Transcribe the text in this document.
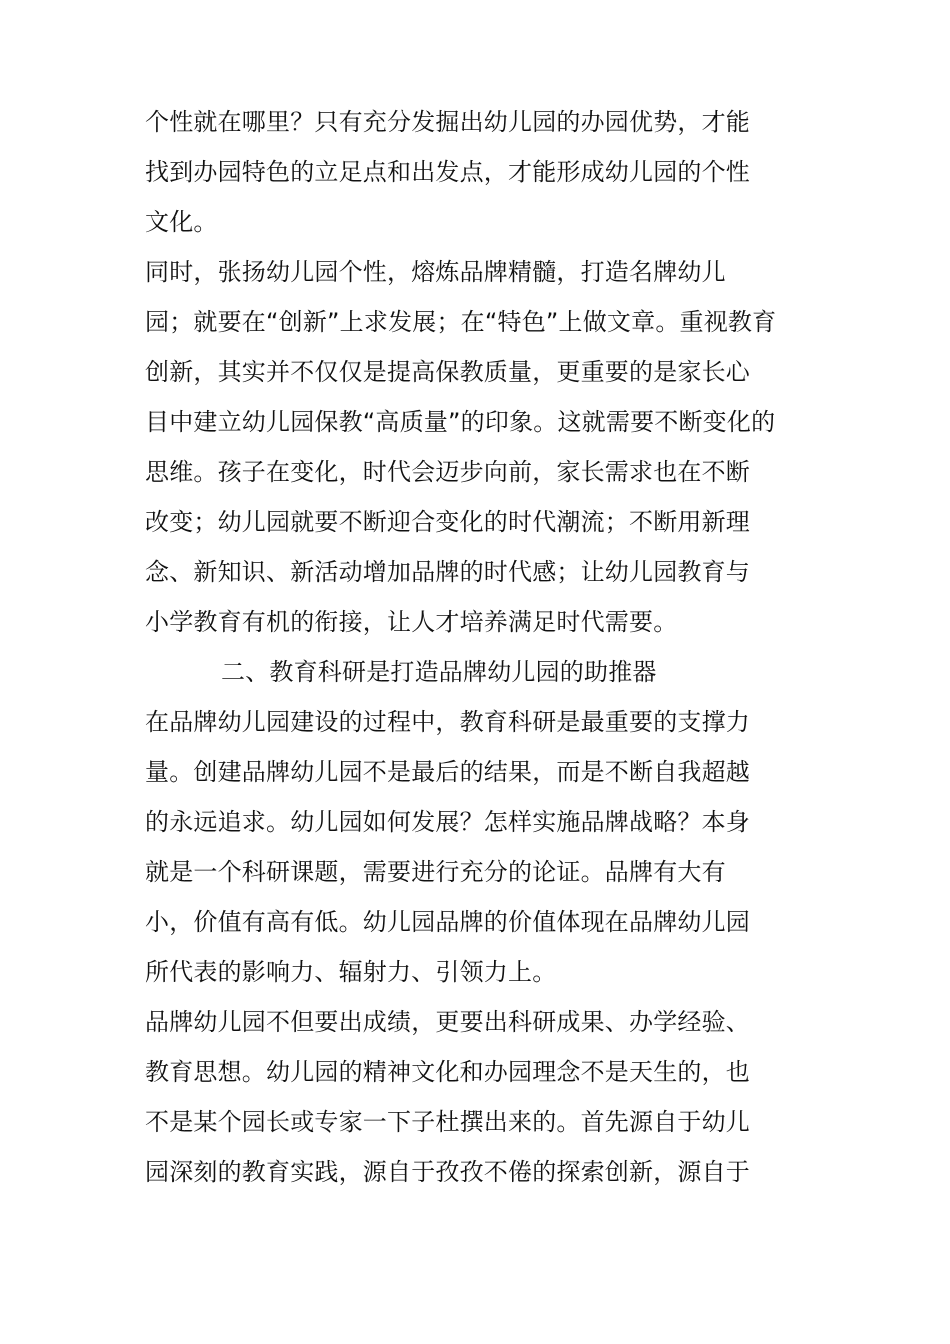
个性就在哪里？只有充分发掘出幼儿园的办园优势，才能
找到办园特色的立足点和出发点，才能形成幼儿园的个性
文化。
同时，张扬幼儿园个性，熔炼品牌精髓，打造名牌幼儿
园；就要在“创新”上求发展；在“特色”上做文章。重视教育
创新，其实并不仅仅是提高保教质量，更重要的是家长心
目中建立幼儿园保教“高质量”的印象。这就需要不断变化的
思维。孩子在变化，时代会迈步向前，家长需求也在不断
改变；幼儿园就要不断迎合变化的时代潮流；不断用新理
念、新知识、新活动增加品牌的时代感；让幼儿园教育与
小学教育有机的衔接，让人才培养满足时代需要。
二、教育科研是打造品牌幼儿园的助推器
在品牌幼儿园建设的过程中，教育科研是最重要的支撑力
量。创建品牌幼儿园不是最后的结果，而是不断自我超越
的永远追求。幼儿园如何发展？怎样实施品牌战略？本身
就是一个科研课题，需要进行充分的论证。品牌有大有
小，价值有高有低。幼儿园品牌的价值体现在品牌幼儿园
所代表的影响力、辐射力、引领力上。
品牌幼儿园不但要出成绩，更要出科研成果、办学经验、
教育思想。幼儿园的精神文化和办园理念不是天生的，也
不是某个园长或专家一下子杜撰出来的。首先源自于幼儿
园深刻的教育实践，源自于孜孜不倦的探索创新，源自于
